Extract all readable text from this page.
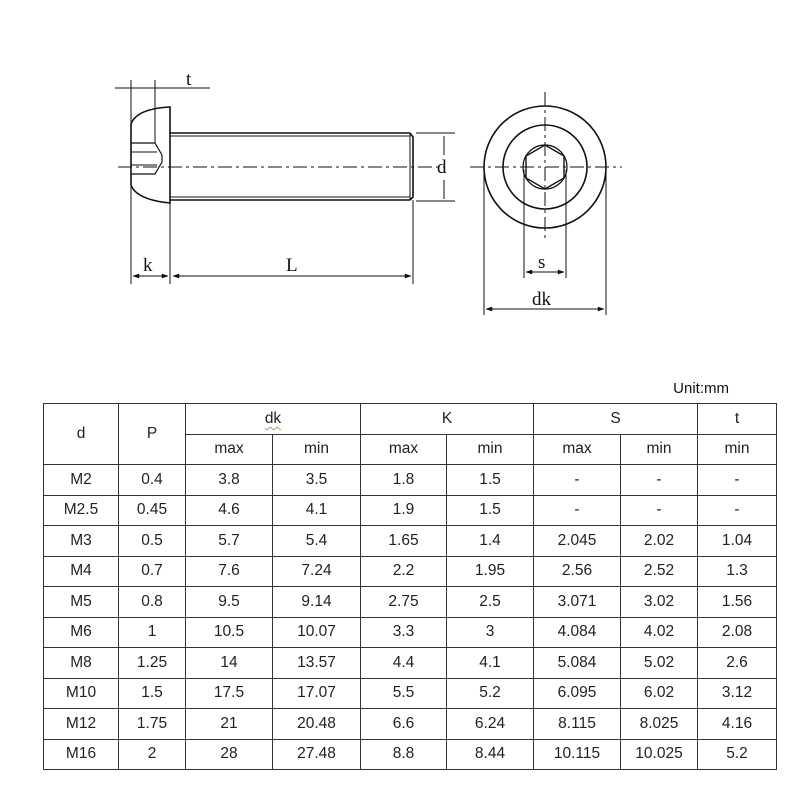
t
d
k	L	s
dk
Unit:mm
d	P	dk		K		S		t
		max	min	max	min	max	min	min
M2	0.4	3.8	3.5	1.8	1.5	-	-	-
M2.5	0.45	4.6	4.1	1.9	1.5	-	-	-
M3	0.5	5.7	5.4	1.65	1.4	2.045	2.02	1.04
M4	0.7	7.6	7.24	2.2	1.95	2.56	2.52	1.3
M5	0.8	9.5	9.14	2.75	2.5	3.071	3.02	1.56
M6	1	10.5	10.07	3.3	3	4.084	4.02	2.08
M8	1.25	14	13.57	4.4	4.1	5.084	5.02	2.6
M10	1.5	17.5	17.07	5.5	5.2	6.095	6.02	3.12
M12	1.75	21	20.48	6.6	6.24	8.115	8.025	4.16
M16	2	28	27.48	8.8	8.44	10.115	10.025	5.2
